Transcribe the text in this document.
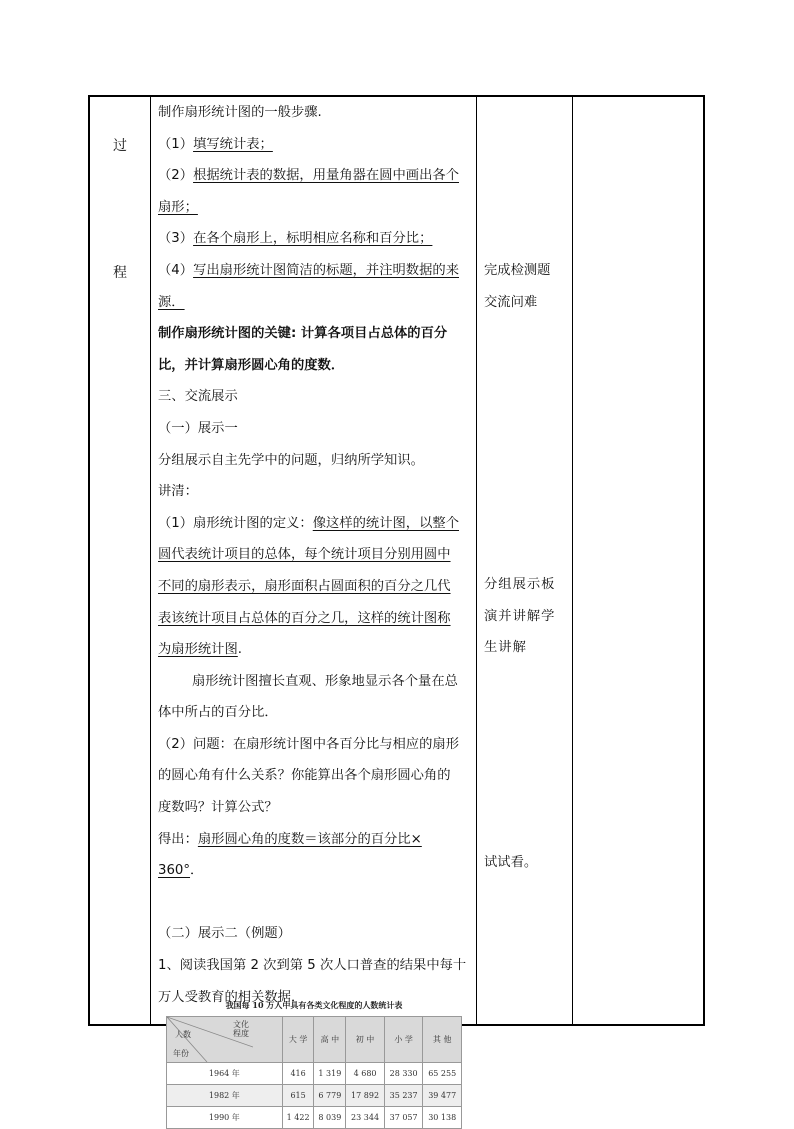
过
程
制作扇形统计图的一般步骤.
（1）填写统计表；
（2）根据统计表的数据，用量角器在圆中画出各个
扇形；
（3）在各个扇形上，标明相应名称和百分比；
（4）写出扇形统计图简洁的标题，并注明数据的来
源．
制作扇形统计图的关键: 计算各项目占总体的百分
比，并计算扇形圆心角的度数．
三、交流展示
（一）展示一
分组展示自主先学中的问题，归纳所学知识。
讲清：
（1）扇形统计图的定义：像这样的统计图，以整个
圆代表统计项目的总体，每个统计项目分别用圆中
不同的扇形表示，扇形面积占圆面积的百分之几代
表该统计项目占总体的百分之几，这样的统计图称
为扇形统计图.
扇形统计图擅长直观、形象地显示各个量在总
体中所占的百分比．
（2）问题：在扇形统计图中各百分比与相应的扇形
的圆心角有什么关系？你能算出各个扇形圆心角的
度数吗？计算公式？
得出：扇形圆心角的度数＝该部分的百分比×
360°．
（二）展示二（例题）
1、阅读我国第 2 次到第 5 次人口普查的结果中每十
万人受教育的相关数据．
完成检测题
交流问难
分组展示板
演并讲解学
生讲解
试试看。
我国每 10 万人中具有各类文化程度的人数统计表
文化
程度
人数
年份	大 学	高 中	初 中	小 学	其 他
1964 年	416	1 319	4 680	28 330	65 255
1982 年	615	6 779	17 892	35 237	39 477
1990 年	1 422	8 039	23 344	37 057	30 138
